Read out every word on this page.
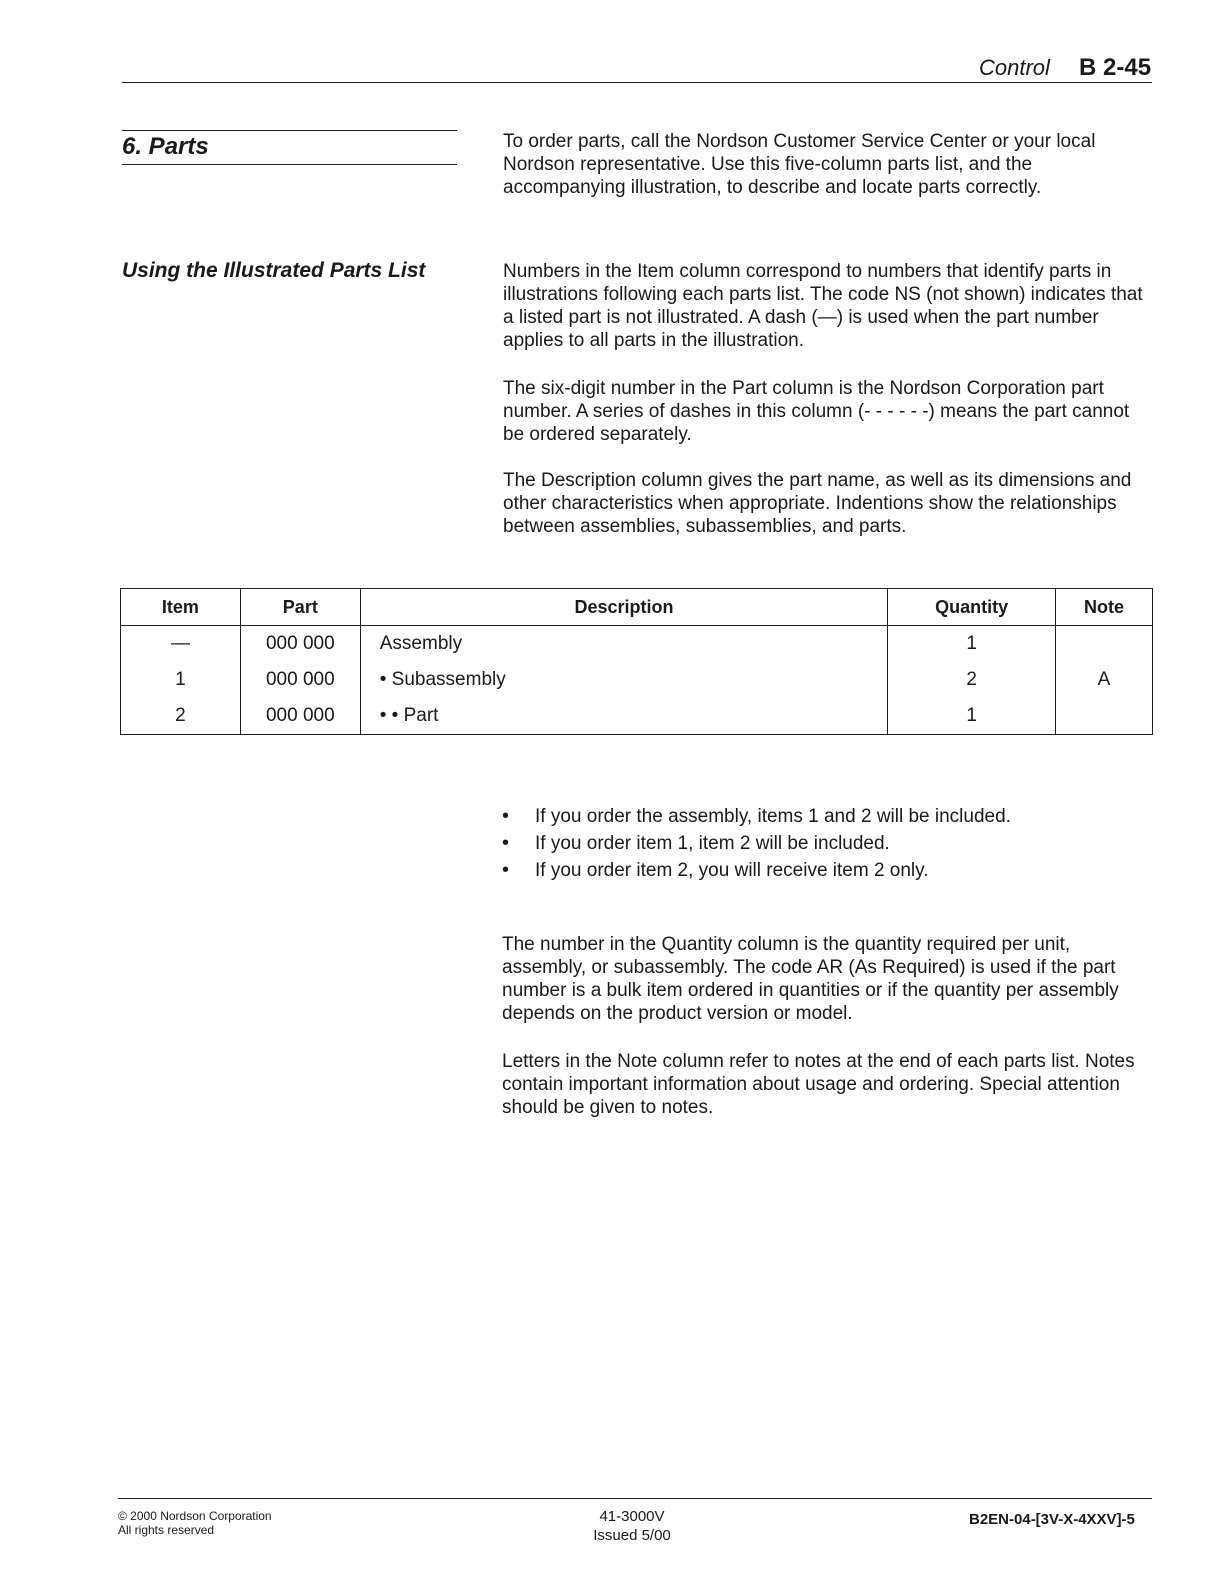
Control B 2-45
6. Parts	To order parts, call the Nordson Customer Service Center or your local Nordson representative. Use this five-column parts list, and the accompanying illustration, to describe and locate parts correctly.
Using the Illustrated Parts List	Numbers in the Item column correspond to numbers that identify parts in illustrations following each parts list. The code NS (not shown) indicates that a listed part is not illustrated. A dash (—) is used when the part number applies to all parts in the illustration.
The six-digit number in the Part column is the Nordson Corporation part number. A series of dashes in this column (- - - - - -) means the part cannot be ordered separately.
The Description column gives the part name, as well as its dimensions and other characteristics when appropriate. Indentions show the relationships between assemblies, subassemblies, and parts.
Item	Part	Description	Quantity	Note
—	000 000	Assembly	1	
1	000 000	• Subassembly	2	A
2	000 000	• • Part	1	
• If you order the assembly, items 1 and 2 will be included.
• If you order item 1, item 2 will be included.
• If you order item 2, you will receive item 2 only.
The number in the Quantity column is the quantity required per unit, assembly, or subassembly. The code AR (As Required) is used if the part number is a bulk item ordered in quantities or if the quantity per assembly depends on the product version or model.
Letters in the Note column refer to notes at the end of each parts list. Notes contain important information about usage and ordering. Special attention should be given to notes.
© 2000 Nordson Corporation
All rights reserved
41-3000V
Issued 5/00
B2EN-04-[3V-X-4XXV]-5
